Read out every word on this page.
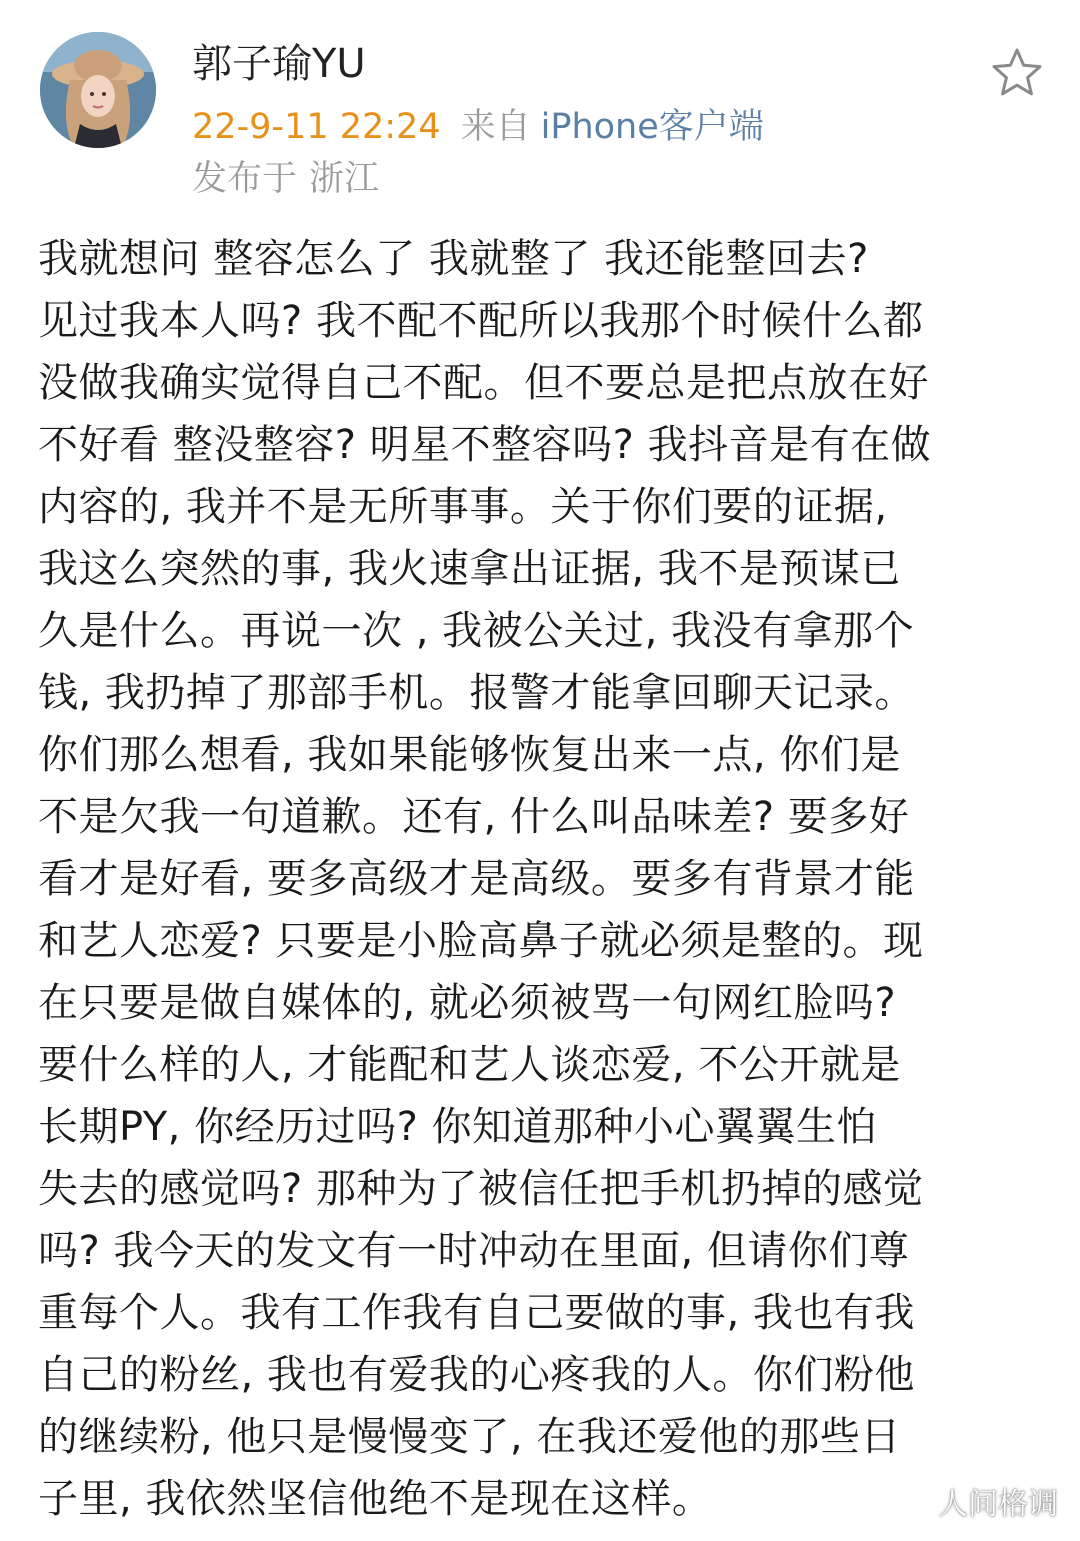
郭子瑜YU
22-9-11 22:24 来自 iPhone客户端
发布于 浙江
我就想问 整容怎么了 我就整了 我还能整回去?
见过我本人吗? 我不配不配所以我那个时候什么都
没做我确实觉得自己不配。但不要总是把点放在好
不好看 整没整容? 明星不整容吗? 我抖音是有在做
内容的, 我并不是无所事事。关于你们要的证据,
我这么突然的事, 我火速拿出证据, 我不是预谋已
久是什么。再说一次 , 我被公关过, 我没有拿那个
钱, 我扔掉了那部手机。报警才能拿回聊天记录。
你们那么想看, 我如果能够恢复出来一点, 你们是
不是欠我一句道歉。还有, 什么叫品味差? 要多好
看才是好看, 要多高级才是高级。要多有背景才能
和艺人恋爱? 只要是小脸高鼻子就必须是整的。现
在只要是做自媒体的, 就必须被骂一句网红脸吗?
要什么样的人, 才能配和艺人谈恋爱, 不公开就是
长期PY, 你经历过吗? 你知道那种小心翼翼生怕
失去的感觉吗? 那种为了被信任把手机扔掉的感觉
吗? 我今天的发文有一时冲动在里面, 但请你们尊
重每个人。我有工作我有自己要做的事, 我也有我
自己的粉丝, 我也有爱我的心疼我的人。你们粉他
的继续粉, 他只是慢慢变了, 在我还爱他的那些日
子里, 我依然坚信他绝不是现在这样。	人间格调
